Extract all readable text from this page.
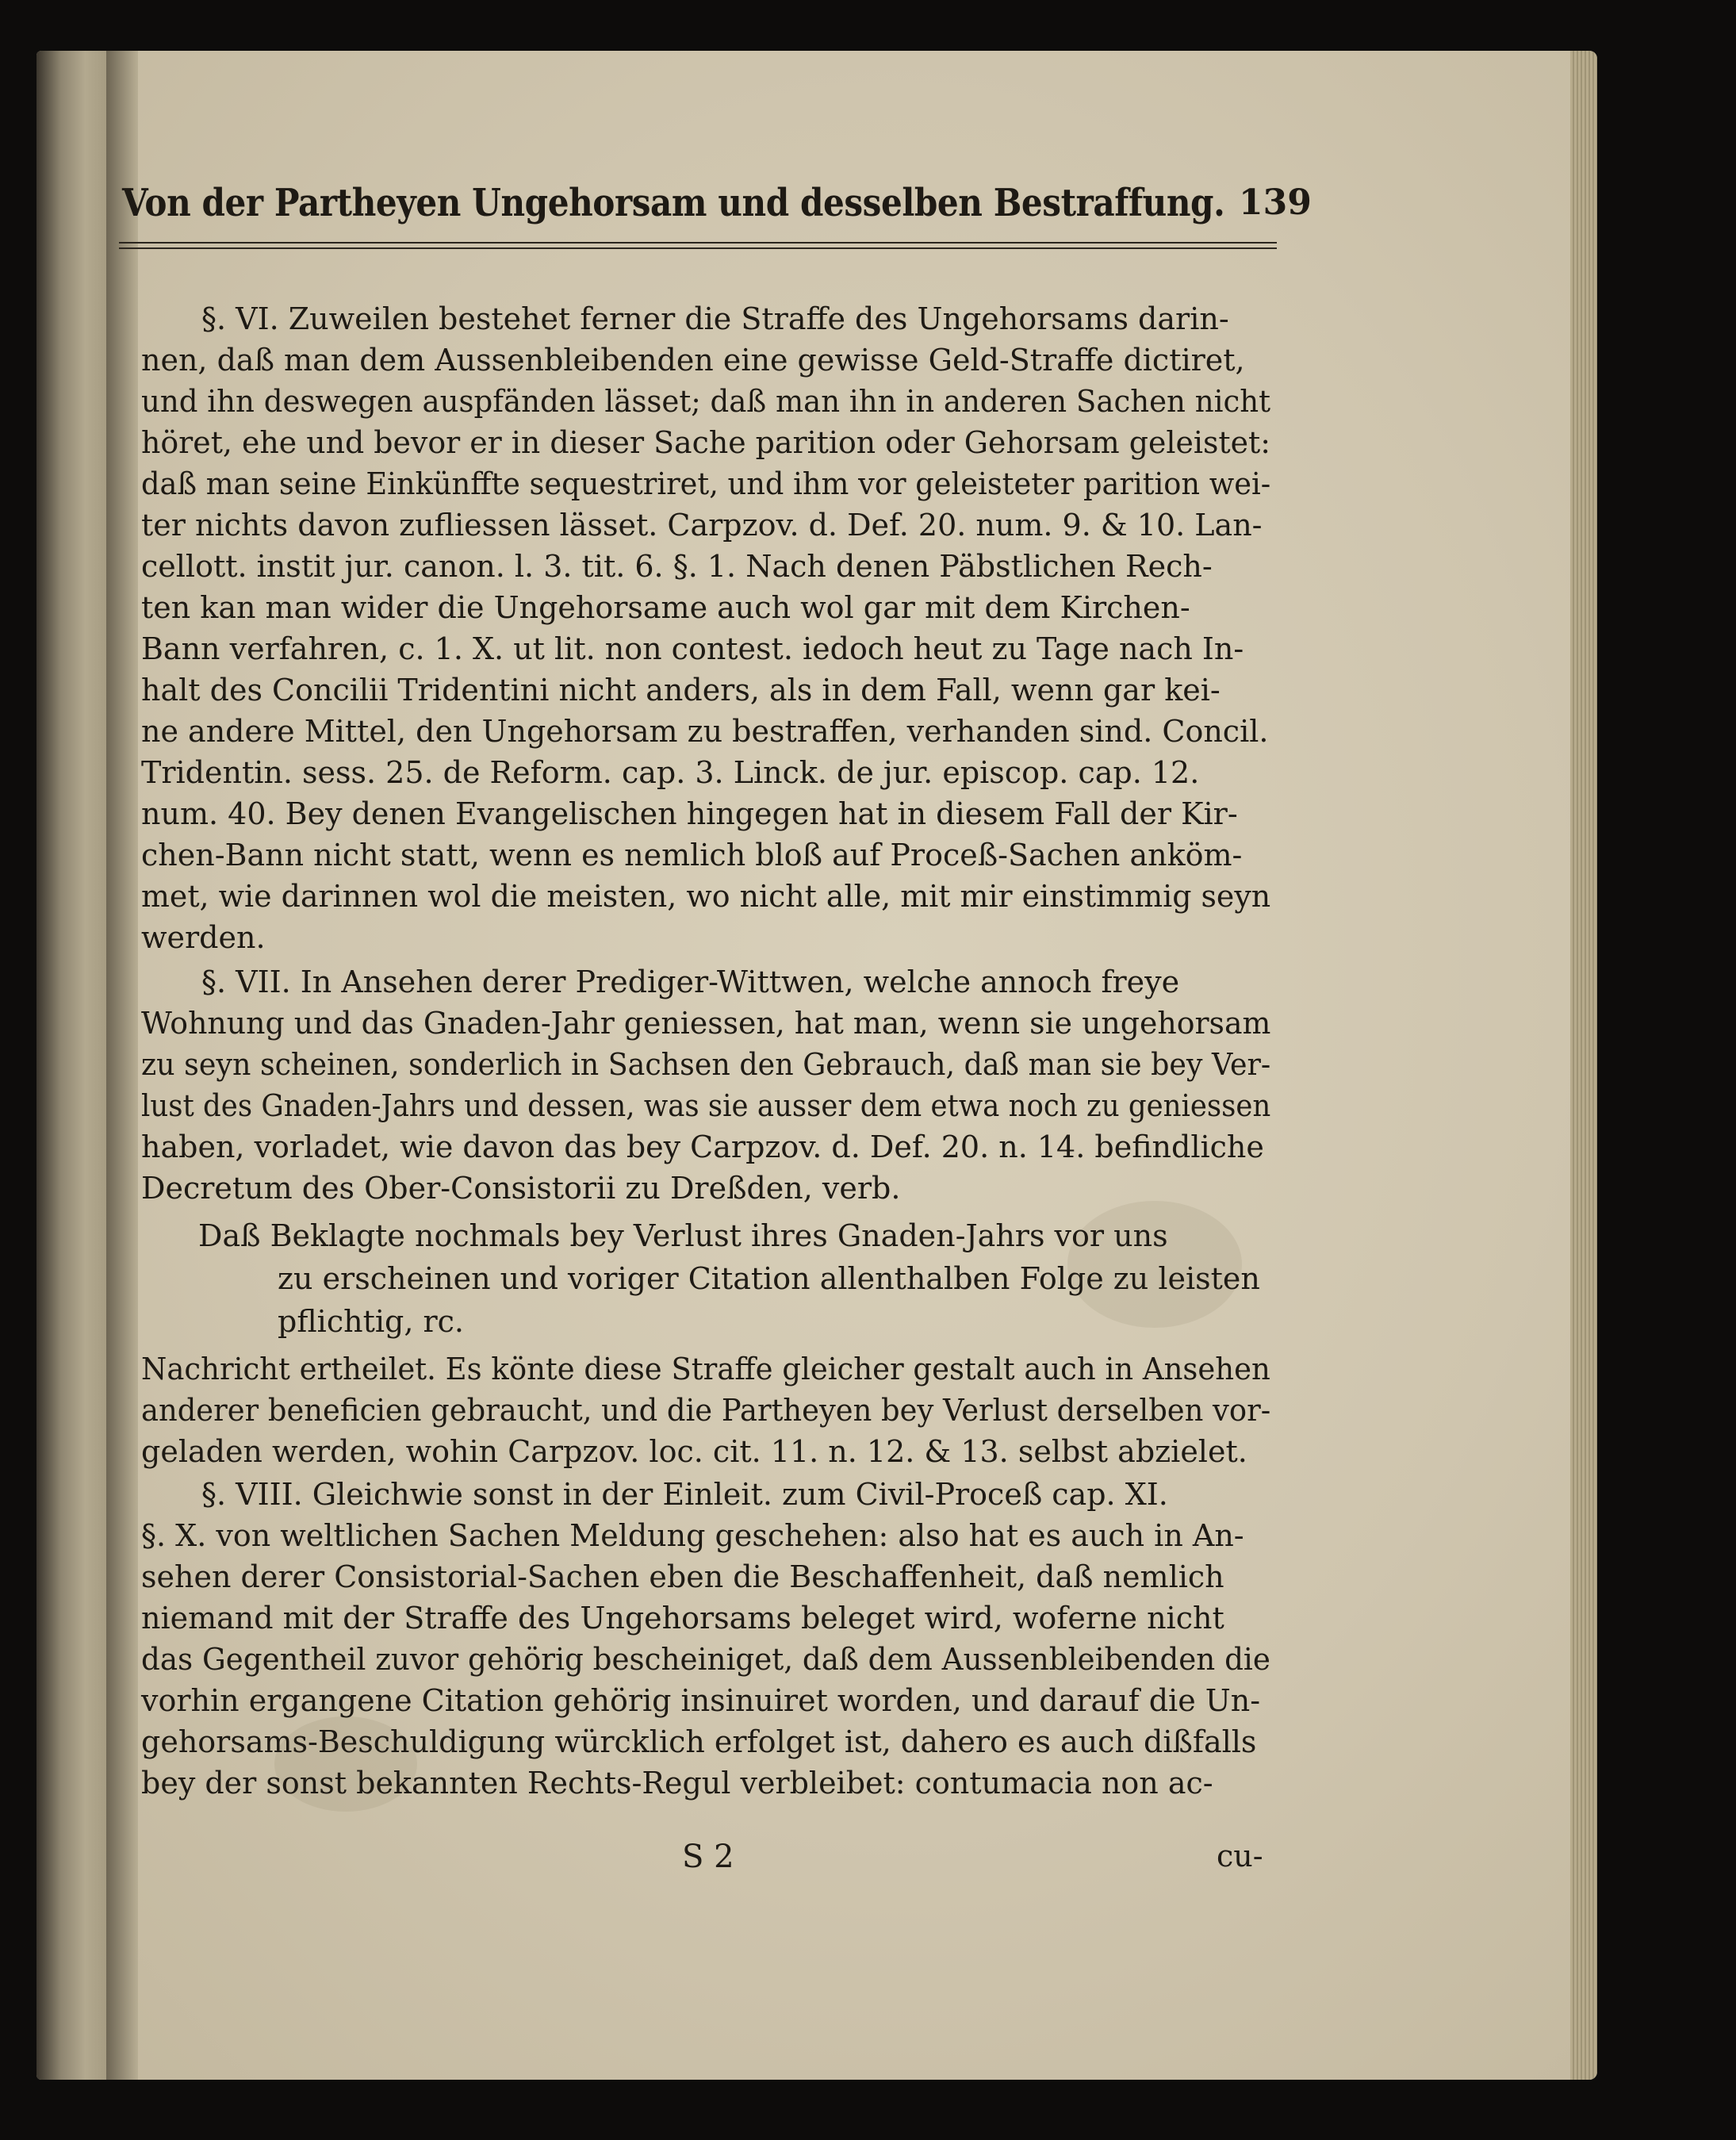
Von der Partheyen Ungehorsam und desselben Bestraffung. 139
§. VI. Zuweilen bestehet ferner die Straffe des Ungehorsams darin-
nen, daß man dem Aussenbleibenden eine gewisse Geld-Straffe dictiret,
und ihn deswegen auspfänden lässet; daß man ihn in anderen Sachen nicht
höret, ehe und bevor er in dieser Sache parition oder Gehorsam geleistet:
daß man seine Einkünffte sequestriret, und ihm vor geleisteter parition wei-
ter nichts davon zufliessen lässet. Carpzov. d. Def. 20. num. 9. & 10. Lan-
cellott. instit jur. canon. l. 3. tit. 6. §. 1. Nach denen Päbstlichen Rech-
ten kan man wider die Ungehorsame auch wol gar mit dem Kirchen-
Bann verfahren, c. 1. X. ut lit. non contest. iedoch heut zu Tage nach In-
halt des Concilii Tridentini nicht anders, als in dem Fall, wenn gar kei-
ne andere Mittel, den Ungehorsam zu bestraffen, verhanden sind. Concil.
Tridentin. sess. 25. de Reform. cap. 3. Linck. de jur. episcop. cap. 12.
num. 40. Bey denen Evangelischen hingegen hat in diesem Fall der Kir-
chen-Bann nicht statt, wenn es nemlich bloß auf Proceß-Sachen anköm-
met, wie darinnen wol die meisten, wo nicht alle, mit mir einstimmig seyn
werden.
§. VII. In Ansehen derer Prediger-Wittwen, welche annoch freye
Wohnung und das Gnaden-Jahr geniessen, hat man, wenn sie ungehorsam
zu seyn scheinen, sonderlich in Sachsen den Gebrauch, daß man sie bey Ver-
lust des Gnaden-Jahrs und dessen, was sie ausser dem etwa noch zu geniessen
haben, vorladet, wie davon das bey Carpzov. d. Def. 20. n. 14. befindliche
Decretum des Ober-Consistorii zu Dreßden, verb.
Daß Beklagte nochmals bey Verlust ihres Gnaden-Jahrs vor uns
zu erscheinen und voriger Citation allenthalben Folge zu leisten
pflichtig, rc.
Nachricht ertheilet. Es könte diese Straffe gleicher gestalt auch in Ansehen
anderer beneficien gebraucht, und die Partheyen bey Verlust derselben vor-
geladen werden, wohin Carpzov. loc. cit. 11. n. 12. & 13. selbst abzielet.
§. VIII. Gleichwie sonst in der Einleit. zum Civil-Proceß cap. XI.
§. X. von weltlichen Sachen Meldung geschehen: also hat es auch in An-
sehen derer Consistorial-Sachen eben die Beschaffenheit, daß nemlich
niemand mit der Straffe des Ungehorsams beleget wird, woferne nicht
das Gegentheil zuvor gehörig bescheiniget, daß dem Aussenbleibenden die
vorhin ergangene Citation gehörig insinuiret worden, und darauf die Un-
gehorsams-Beschuldigung würcklich erfolget ist, dahero es auch dißfalls
bey der sonst bekannten Rechts-Regul verbleibet: contumacia non ac-
S 2	cu-
